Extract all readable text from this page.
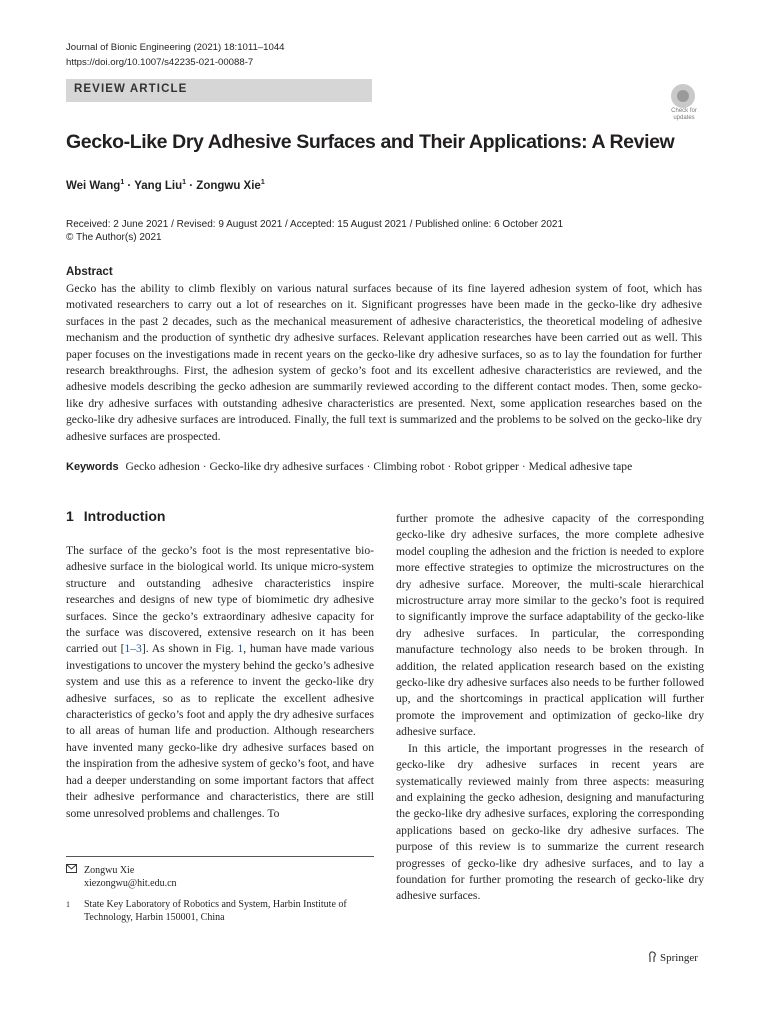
Journal of Bionic Engineering (2021) 18:1011–1044
https://doi.org/10.1007/s42235-021-00088-7
REVIEW ARTICLE
Check for updates
Gecko-Like Dry Adhesive Surfaces and Their Applications: A Review
Wei Wang$^1$ · Yang Liu$^1$ · Zongwu Xie$^1$
Received: 2 June 2021 / Revised: 9 August 2021 / Accepted: 15 August 2021 / Published online: 6 October 2021
© The Author(s) 2021
Abstract
Gecko has the ability to climb flexibly on various natural surfaces because of its fine layered adhesion system of foot, which has motivated researchers to carry out a lot of researches on it. Significant progresses have been made in the gecko-like dry adhesive surfaces in the past 2 decades, such as the mechanical measurement of adhesive characteristics, the theoretical modeling of adhesive mechanism and the production of synthetic dry adhesive surfaces. Relevant application researches have been carried out as well. This paper focuses on the investigations made in recent years on the gecko-like dry adhesive surfaces, so as to lay the foundation for further research breakthroughs. First, the adhesion system of gecko’s foot and its excellent adhesive characteristics are reviewed, and the adhesive models describing the gecko adhesion are summarily reviewed according to the different contact modes. Then, some gecko-like dry adhesive surfaces with outstanding adhesive characteristics are presented. Next, some application researches based on the gecko-like dry adhesive surfaces are introduced. Finally, the full text is summarized and the problems to be solved on the gecko-like dry adhesive surfaces are prospected.
Keywords Gecko adhesion · Gecko-like dry adhesive surfaces · Climbing robot · Robot gripper · Medical adhesive tape
1 Introduction

The surface of the gecko’s foot is the most representative bio-adhesive surface in the biological world. Its unique micro-system structure and outstanding adhesive characteristics inspire researches and designs of new type of biomimetic dry adhesive surfaces. Since the gecko’s extraordinary adhesive capacity for the surface was discovered, extensive research on it has been carried out [1–3]. As shown in Fig. 1, human have made various investigations to uncover the mystery behind the gecko’s adhesive system and use this as a reference to invent the gecko-like dry adhesive surfaces, so as to replicate the excellent adhesive characteristics of gecko’s foot and apply the dry adhesive surfaces to all areas of human life and production. Although researchers have invented many gecko-like dry adhesive surfaces based on the inspiration from the adhesive system of gecko’s foot, and have had a deeper understanding on some important factors that affect their adhesive performance and characteristics, there are still some unresolved problems and challenges. To

further promote the adhesive capacity of the corresponding gecko-like dry adhesive surfaces, the more complete adhesive model coupling the adhesion and the friction is needed to explore more effective strategies to optimize the microstructures on the dry adhesive surface. Moreover, the multi-scale hierarchical microstructure array more similar to the gecko’s foot is required to significantly improve the surface adaptability of the gecko-like dry adhesive surfaces. In particular, the corresponding manufacture technology also needs to be broken through. In addition, the related application research based on the existing gecko-like dry adhesive surfaces also needs to be further followed up, and the shortcomings in practical application will further promote the improvement and optimization of gecko-like dry adhesive surface.

In this article, the important progresses in the research of gecko-like dry adhesive surfaces in recent years are systematically reviewed mainly from three aspects: measuring and explaining the gecko adhesion, designing and manufacturing the gecko-like dry adhesive surfaces, exploring the corresponding applications based on gecko-like dry adhesive surfaces. The purpose of this review is to summarize the current research progresses of gecko-like dry adhesive surfaces, and to lay a foundation for further promoting the research of gecko-like dry adhesive surfaces.

Zongwu Xie
xiezongwu@hit.edu.cn
1 State Key Laboratory of Robotics and System, Harbin Institute of Technology, Harbin 150001, China
Springer
